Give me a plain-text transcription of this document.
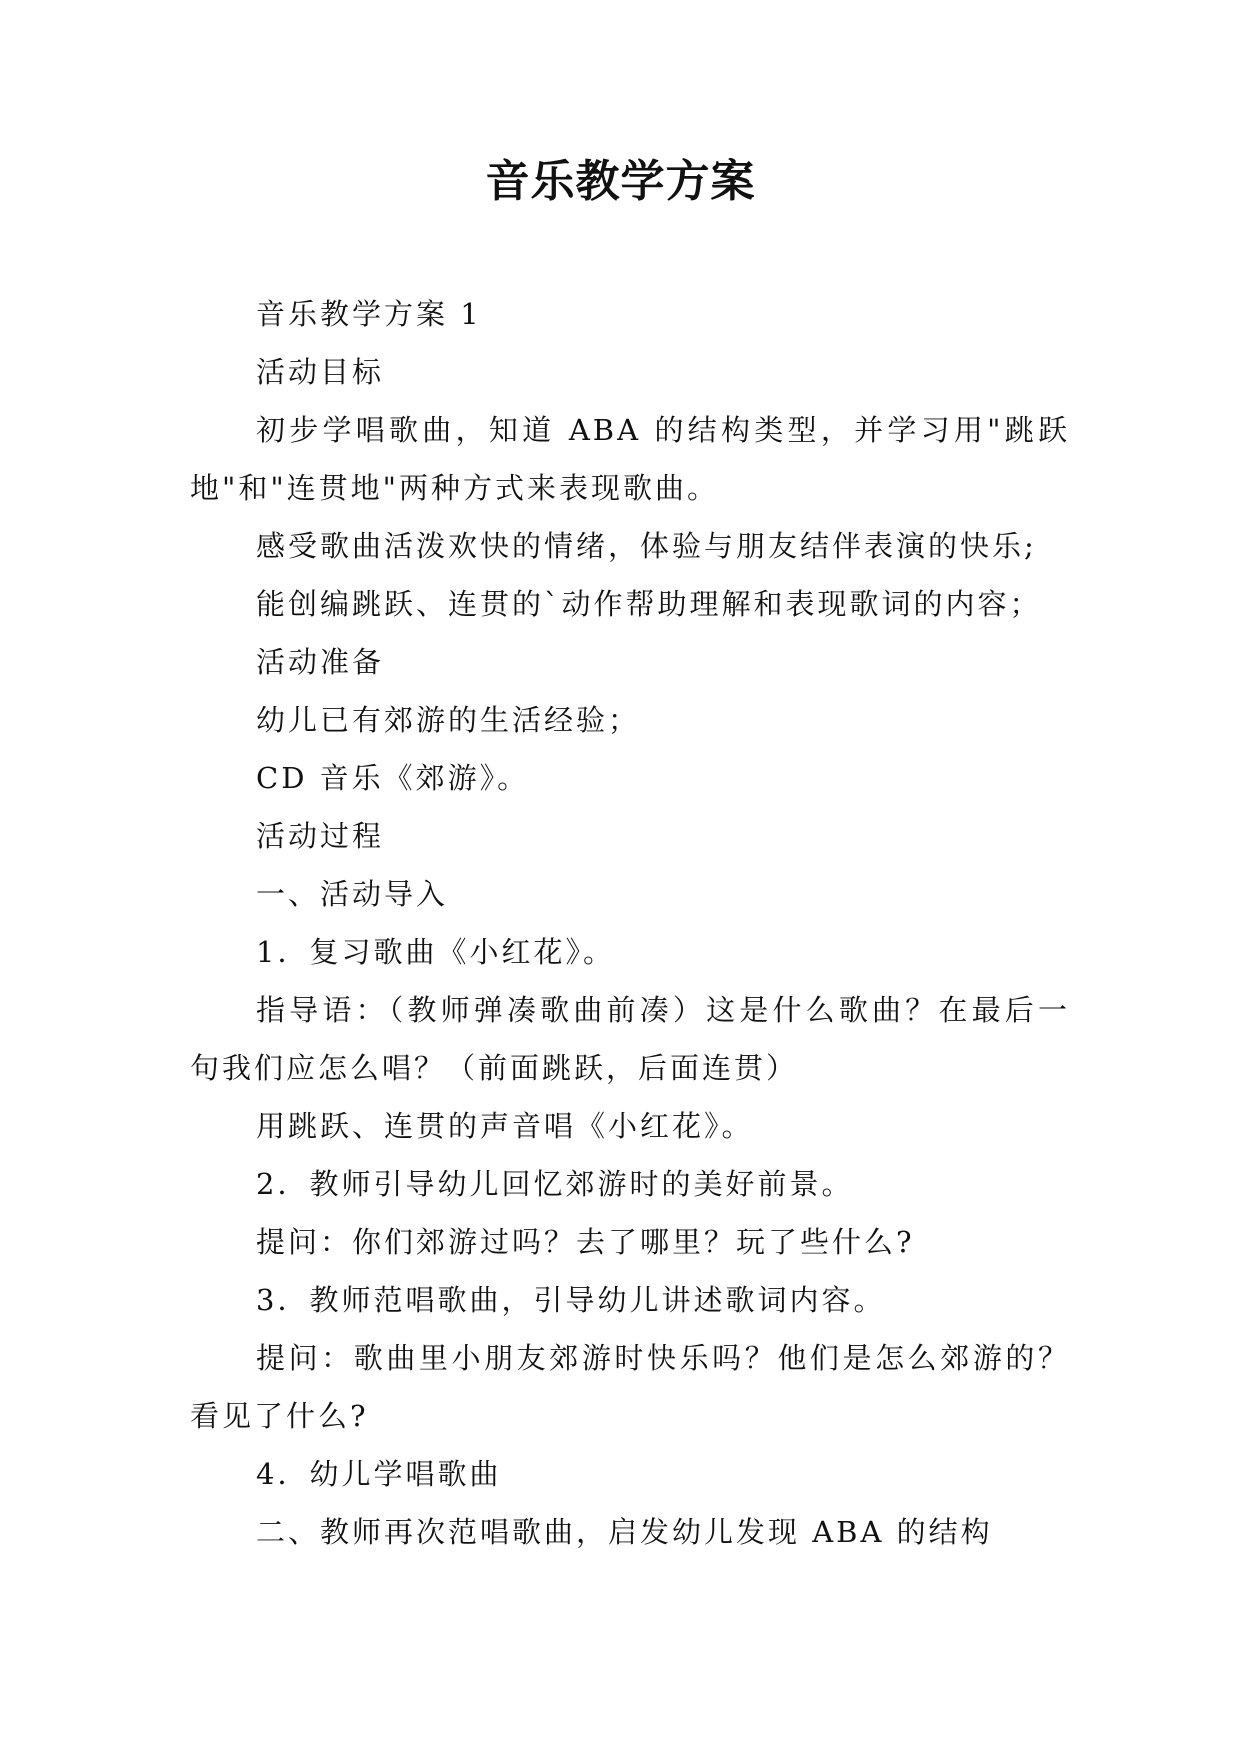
音乐教学方案

音乐教学方案 1

活动目标

初步学唱歌曲，知道 ABA 的结构类型，并学习用"跳跃地"和"连贯地"两种方式来表现歌曲。

感受歌曲活泼欢快的情绪，体验与朋友结伴表演的快乐;

能创编跳跃、连贯的`动作帮助理解和表现歌词的内容；

活动准备

幼儿已有郊游的生活经验；

CD 音乐《郊游》。

活动过程

一、活动导入

1．复习歌曲《小红花》。

指导语：（教师弹凑歌曲前凑）这是什么歌曲？在最后一句我们应怎么唱？（前面跳跃，后面连贯）

用跳跃、连贯的声音唱《小红花》。

2．教师引导幼儿回忆郊游时的美好前景。

提问：你们郊游过吗？去了哪里？玩了些什么?

3．教师范唱歌曲，引导幼儿讲述歌词内容。

提问：歌曲里小朋友郊游时快乐吗？他们是怎么郊游的？看见了什么?

4．幼儿学唱歌曲

二、教师再次范唱歌曲，启发幼儿发现 ABA 的结构
